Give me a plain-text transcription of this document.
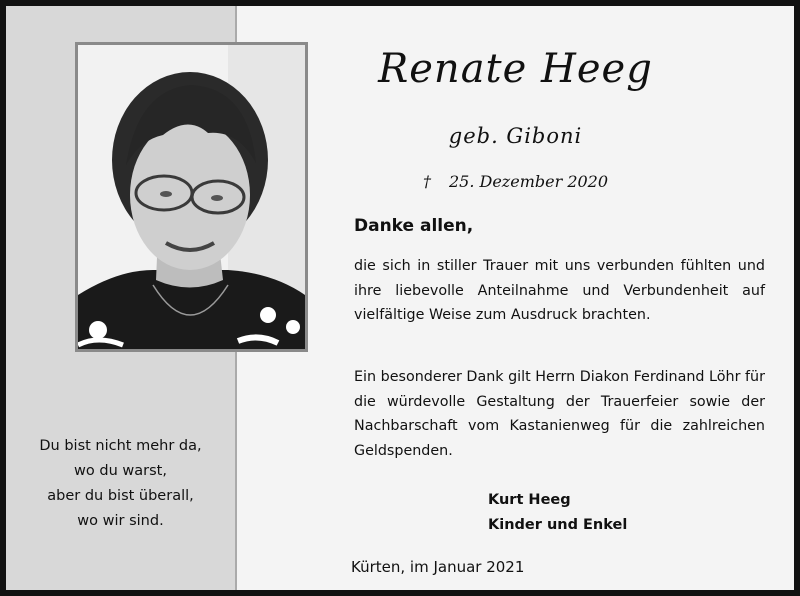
Du bist nicht mehr da,
wo du warst,
aber du bist überall,
wo wir sind.
Renate Heeg
geb. Giboni
† 25. Dezember 2020
Danke allen,
die sich in stiller Trauer mit uns verbunden fühlten und ihre liebevolle Anteilnahme und Verbundenheit auf vielfältige Weise zum Ausdruck brachten.
Ein besonderer Dank gilt Herrn Diakon Ferdinand Löhr für die würdevolle Gestaltung der Trauerfeier sowie der Nachbarschaft vom Kastanienweg für die zahlreichen Geldspenden.
Kurt Heeg
Kinder und Enkel
Kürten, im Januar 2021
